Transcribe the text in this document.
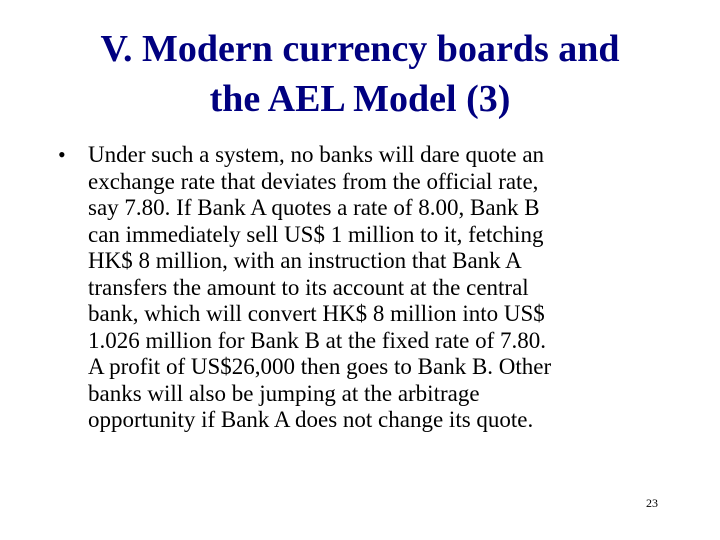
V. Modern currency boards and
the AEL Model (3)
• Under such a system, no banks will dare quote an
exchange rate that deviates from the official rate,
say 7.80. If Bank A quotes a rate of 8.00, Bank B
can immediately sell US$ 1 million to it, fetching
HK$ 8 million, with an instruction that Bank A
transfers the amount to its account at the central
bank, which will convert HK$ 8 million into US$
1.026 million for Bank B at the fixed rate of 7.80.
A profit of US$26,000 then goes to Bank B. Other
banks will also be jumping at the arbitrage
opportunity if Bank A does not change its quote.
23
